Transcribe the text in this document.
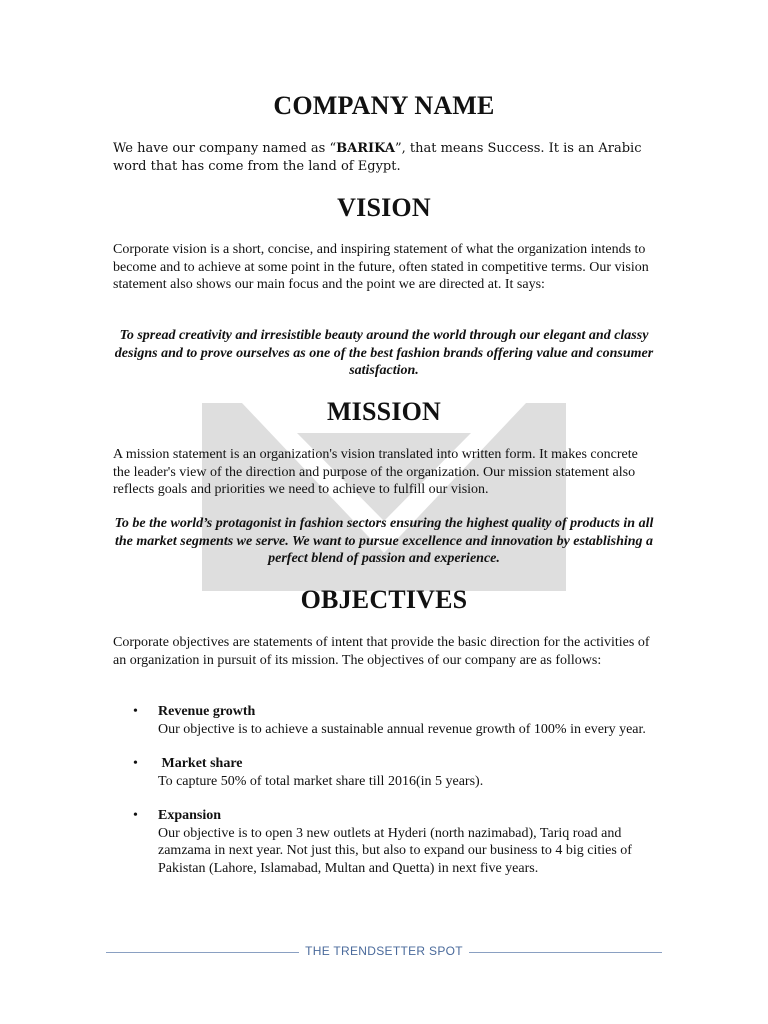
COMPANY NAME

We have our company named as “BARIKA”, that means Success. It is an Arabic word that has come from the land of Egypt.

VISION

Corporate vision is a short, concise, and inspiring statement of what the organization intends to become and to achieve at some point in the future, often stated in competitive terms. Our vision statement also shows our main focus and the point we are directed at. It says:

To spread creativity and irresistible beauty around the world through our elegant and classy designs and to prove ourselves as one of the best fashion brands offering value and consumer satisfaction.

MISSION

A mission statement is an organization's vision translated into written form. It makes concrete the leader's view of the direction and purpose of the organization. Our mission statement also reflects goals and priorities we need to achieve to fulfill our vision.

To be the world’s protagonist in fashion sectors ensuring the highest quality of products in all the market segments we serve. We want to pursue excellence and innovation by establishing a perfect blend of passion and experience.

OBJECTIVES

Corporate objectives are statements of intent that provide the basic direction for the activities of an organization in pursuit of its mission. The objectives of our company are as follows:

• Revenue growth
Our objective is to achieve a sustainable annual revenue growth of 100% in every year.
• Market share
To capture 50% of total market share till 2016(in 5 years).
• Expansion
Our objective is to open 3 new outlets at Hyderi (north nazimabad), Tariq road and zamzama in next year. Not just this, but also to expand our business to 4 big cities of Pakistan (Lahore, Islamabad, Multan and Quetta) in next five years.
THE TRENDSETTER SPOT
